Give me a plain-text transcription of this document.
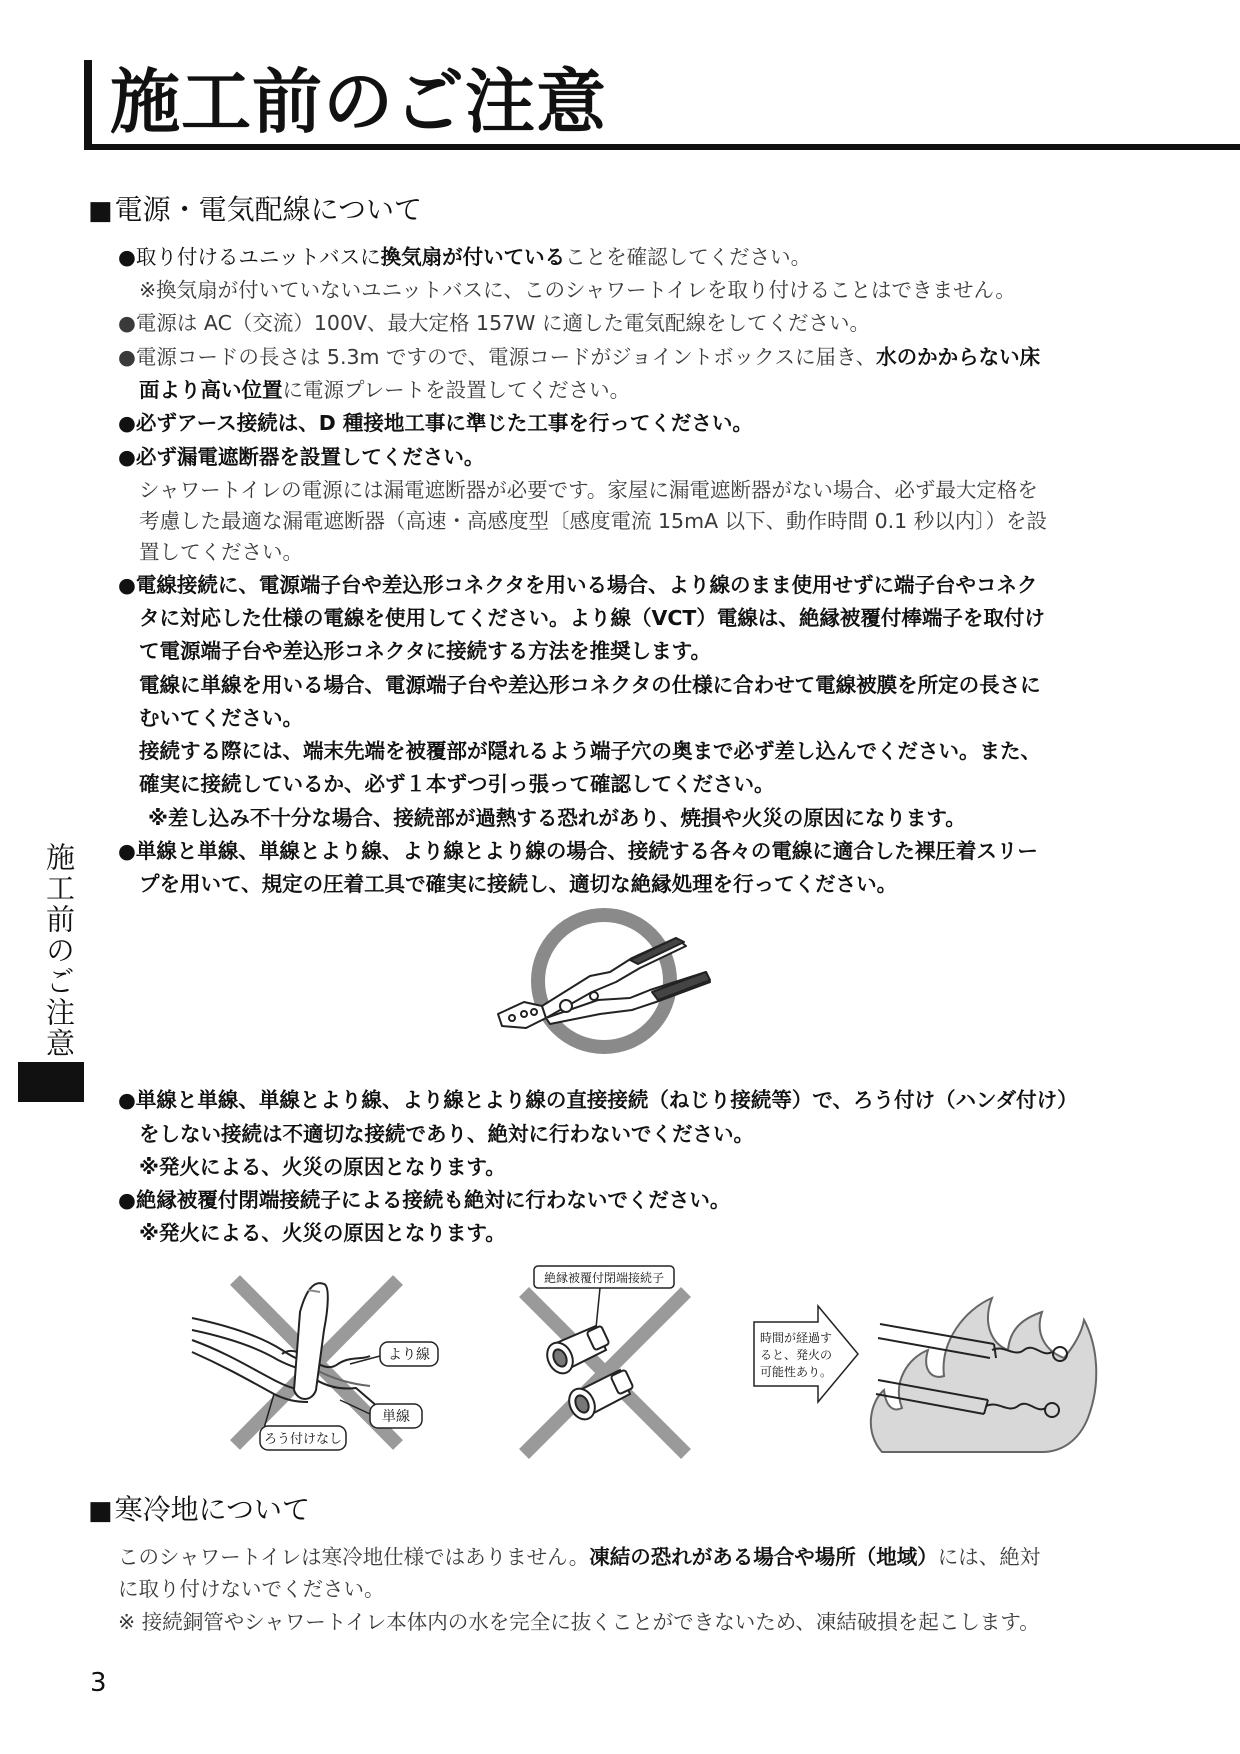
施工前のご注意
■電源・電気配線について
●取り付けるユニットバスに換気扇が付いていることを確認してください。
※換気扇が付いていないユニットバスに、このシャワートイレを取り付けることはできません。
●電源は AC（交流）100V、最大定格 157W に適した電気配線をしてください。
●電源コードの長さは 5.3m ですので、電源コードがジョイントボックスに届き、水のかからない床
面より高い位置に電源プレートを設置してください。
●必ずアース接続は、D 種接地工事に準じた工事を行ってください。
●必ず漏電遮断器を設置してください。
シャワートイレの電源には漏電遮断器が必要です。家屋に漏電遮断器がない場合、必ず最大定格を
考慮した最適な漏電遮断器（高速・高感度型〔感度電流 15mA 以下、動作時間 0.1 秒以内〕）を設
置してください。
●電線接続に、電源端子台や差込形コネクタを用いる場合、より線のまま使用せずに端子台やコネク
タに対応した仕様の電線を使用してください。より線（VCT）電線は、絶縁被覆付棒端子を取付け
て電源端子台や差込形コネクタに接続する方法を推奨します。
電線に単線を用いる場合、電源端子台や差込形コネクタの仕様に合わせて電線被膜を所定の長さに
むいてください。
接続する際には、端末先端を被覆部が隠れるよう端子穴の奥まで必ず差し込んでください。また、
確実に接続しているか、必ず１本ずつ引っ張って確認してください。
※差し込み不十分な場合、接続部が過熱する恐れがあり、焼損や火災の原因になります。
●単線と単線、単線とより線、より線とより線の場合、接続する各々の電線に適合した裸圧着スリー
プを用いて、規定の圧着工具で確実に接続し、適切な絶縁処理を行ってください。
●単線と単線、単線とより線、より線とより線の直接接続（ねじり接続等）で、ろう付け（ハンダ付け）
をしない接続は不適切な接続であり、絶対に行わないでください。
※発火による、火災の原因となります。
●絶縁被覆付閉端接続子による接続も絶対に行わないでください。
※発火による、火災の原因となります。
より線
単線
ろう付けなし
絶縁被覆付閉端接続子
時間が経過す
ると、発火の
可能性あり。
■寒冷地について
このシャワートイレは寒冷地仕様ではありません。凍結の恐れがある場合や場所（地域）には、絶対
に取り付けないでください。
※ 接続銅管やシャワートイレ本体内の水を完全に抜くことができないため、凍結破損を起こします。
施工前のご注意
3
